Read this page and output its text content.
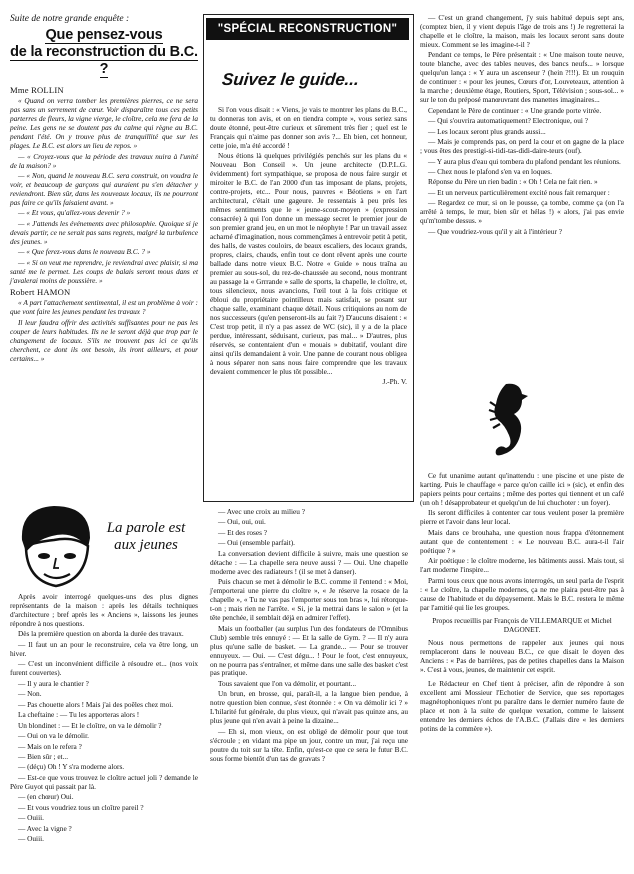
Suite de notre grande enquête :

Que pensez-vous
de la reconstruction du B.C. ?

Mme ROLLIN

« Quand on verra tomber les premières pierres, ce ne sera pas sans un serrement de cœur. Voir disparaître tous ces petits parterres de fleurs, la vigne vierge, le cloître, cela me fera de la peine. Les gens ne se doutent pas du calme qui règne au B.C. pendant l'été. On y trouve plus de tranquillité que sur les plages. Le B.C. est alors un lieu de repos. »

— « Croyez-vous que la période des travaux nuira à l'unité de la maison? »

— « Non, quand le nouveau B.C. sera construit, on voudra le voir, et beaucoup de garçons qui auraient pu s'en détacher y reviendront. Bien sûr, dans les nouveaux locaux, ils ne pourront pas faire ce qu'ils faisaient avant. »

— « Et vous, qu'allez-vous devenir ? »

— « J'attends les événements avec philosophie. Quoique si je devais partir, ce ne serait pas sans regrets, malgré la turbulence des jeunes. »

— « Que ferez-vous dans le nouveau B.C. ? »

— « Si on veut me reprendre, je reviendrai avec plaisir, si ma santé me le permet. Les coups de balais seront mous dans et j'avalerai moins de poussière. »

Robert HAMON

« A part l'attachement sentimental, il est un problème à voir : que vont faire les jeunes pendant les travaux ?

Il leur faudra offrir des activités suffisantes pour ne pas les couper de leurs habitudes. Ils ne le seront déjà que trop par le changement de locaux. S'ils ne trouvent pas ici ce qu'ils cherchent, ce dont ils ont besoin, ils iront ailleurs, et pour certains... »

La parole est aux jeunes

Après avoir interrogé quelques-uns des plus dignes représentants de la maison : après les détails techniques d'architecture ; bref après les « Anciens », laissons les jeunes répondre à nos questions.

Dès la première question on aborda la durée des travaux.

— Il faut un an pour le reconstruire, cela va être long, un hiver.

— C'est un inconvénient difficile à résoudre et... (nos voix furent couvertes).

— Il y aura le chantier ?

— Non.

— Pas chouette alors ! Mais j'ai des poêles chez moi.

La cheftaine : — Tu les apporteras alors !

Un blondinet : — Et le cloître, on va le démolir ?

— Oui on va le démolir.

— Mais on le refera ?

— Bien sûr ; et...

— (déçu) Oh ! Y s'ra moderne alors.

— Est-ce que vous trouvez le cloître actuel joli ? demande le Père Guyot qui passait par là.

— (en chœur) Oui.

— Et vous voudriez tous un cloître pareil ?

— Ouiii.

— Avec la vigne ?

— Ouiii.

"SPÉCIAL RECONSTRUCTION"
Suivez le guide...

Si l'on vous disait : « Viens, je vais te montrer les plans du B.C., tu donneras ton avis, et on en tiendra compte », vous seriez sans doute étonné, peut-être curieux et sûrement très fier ; quel est le Français qui n'aime pas donner son avis ?... Eh bien, cet honneur, cette joie, m'a été accordé !

Nous étions là quelques privilégiés penchés sur les plans du « Nouveau Bon Conseil ». Un jeune architecte (D.P.L.G. évidemment) fort sympathique, se proposa de nous faire surgir et miroiter le B.C. de l'an 2000 d'un tas imposant de plans, projets, contre-projets, etc... Pour nous, pauvres « Béotiens » en l'art architectural, c'était une gageure. Je ressentais à peu près les mêmes sentiments que le « jeune-scout-moyen » (expression consacrée) à qui l'on donne un message secret le premier jour de son premier grand jeu, en un mot le néophyte ! Par un travail assez acharné d'imagination, nous commençâmes à entrevoir petit à petit, des halls, de vastes couloirs, de beaux escaliers, des locaux grands, propres, clairs, chauds, enfin tout ce dont rêvent après une courte ballade dans notre vieux B.C. Notre « Guide » nous traîna au premier au sous-sol, du rez-de-chaussée au second, nous montrant au passage la « Grrrande » salle de sports, la chapelle, le cloître, et, tous silencieux, nous avancions, l'œil tout à la fois critique et ébloui du propriétaire pointilleux mais satisfait, se posant sur chaque salle, examinant chaque détail. Nous critiquions au nom de nos successeurs (qu'en penseront-ils au fait ?) D'aucuns disaient : « C'est trop petit, il n'y a pas assez de WC (sic), il y a de la place perdue, intéressant, séduisant, curieux, pas mal... » D'autres, plus réservés, se contentaient d'un « mouais » dubitatif, voulant dire ainsi qu'ils demandaient à voir. Une panne de courant nous obligea à nous séparer non sans nous faire comprendre que les travaux devaient commencer le plus tôt possible...

J.-Ph. V.

— Avec une croix au milieu ?

— Oui, oui, oui.

— Et des roses ?

— Oui (ensemble parfait).

La conversation devient difficile à suivre, mais une question se détache : — La chapelle sera neuve aussi ? — Oui. Une chapelle moderne avec des radiateurs ! (il se met à danser).

Puis chacun se met à démolir le B.C. comme il l'entend : « Moi, j'emporterai une pierre du cloître », « Je réserve la rosace de la chapelle », « Tu ne vas pas l'emporter sous ton bras », lui rétorque-t-on ; mais rien ne l'arrête. « Si, je la mettrai dans le salon » (et la tête penchée, il semblait déjà en admirer l'effet).

Mais un footballer (au surplus l'un des fondateurs de l'Omnibus Club) semble très ennuyé : — Et la salle de Gym. ? — Il n'y aura plus qu'une salle de basket. — La grande... — Pour se trouver ennuyeux. — Oui. — C'est dégu... ! Pour le foot, c'est ennuyeux, on ne pourra pas s'entraîner, et même dans une salle des basket c'est pas pratique.

Tous savaient que l'on va démolir, et pourtant...

Un brun, en brosse, qui, paraît-il, a la langue bien pendue, à notre question bien connue, s'est étonnée : « On va démolir ici ? » L'hilarité fut générale, du plus vieux, qui n'avait pas quinze ans, au plus jeune qui n'en avait à peine la dizaine...

— Eh si, mon vieux, on est obligé de démolir pour que tout s'écroule ; en vidant ma pipe un jour, contre un mur, j'ai reçu une poutre du toit sur la tête. Enfin, qu'est-ce que ce sera le futur B.C. sous forme bientôt d'un tas de gravats ?

— C'est un grand changement, j'y suis habitué depuis sept ans, (comptez bien, il y vient depuis l'âge de trois ans !) Je regretterai la chapelle et le cloître, la maison, mais les locaux seront sans doute mieux. Comment se les imagine-t-il ?

Pendant ce temps, le Père présentait : « Une maison toute neuve, toute blanche, avec des tables neuves, des bancs neufs... » lorsque quelqu'un lança : « Y aura un ascenseur ? (hein ?!!!). Et un rouquin de continuer : « pour les jeunes, Cœurs d'or, Louveteaux, attention à la marche ; deuxième étage, Routiers, Sport, Télévision ; sous-sol... » sur le ton du préposé manœuvrant des manettes imaginaires...

Cependant le Père de continuer : « Une grande porte vitrée.

— Qui s'ouvrira automatiquement? Electronique, oui ?

— Les locaux seront plus grands aussi...

— Mais je comprends pas, on perd la cour et on gagne de la place ; vous êtes des prestigi-si-tidi-tas-didi-daire-teurs (ouf).

— Y aura plus d'eau qui tombera du plafond pendant les réunions.

— Chez nous le plafond s'en va en loques.

Réponse du Père un rien badin : « Oh ! Cela ne fait rien. »

— Et un nerveux particulièrement excité nous fait remarquer :

— Regardez ce mur, si on le pousse, ça tombe, comme ça (on l'a arrêté à temps, le mur, bien sûr et hélas !) « alors, j'ai pas envie qu'm'tombe dessus. »

— Que voudriez-vous qu'il y ait à l'intérieur ?

Ce fut unanime autant qu'inattendu : une piscine et une piste de karting. Puis le chauffage « parce qu'on caille ici » (sic), et enfin des papiers peints pour certains ; même des portes qui tiennent et un café (un oh ! désapprobateur et quelqu'un de lui chuchoter : un foyer).

Ils seront difficiles à contenter car tous veulent poser la première pierre et l'avoir dans leur local.

Mais dans ce brouhaha, une question nous frappa d'étonnement autant que de contentement : « Le nouveau B.C. aura-t-il l'air poétique ? »

Air poétique : le cloître moderne, les bâtiments aussi. Mais tout, si l'art moderne l'inspire...

Parmi tous ceux que nous avons interrogés, un seul parla de l'esprit : « Le cloître, la chapelle modernes, ça ne me plaira peut-être pas à cause de l'habitude et du dépaysement. Mais le B.C. restera le même par l'amitié qui lie les groupes.

Propos recueillis par François de VILLEMARQUE et Michel DAGONET.

Nous nous permettons de rappeler aux jeunes qui nous remplaceront dans le nouveau B.C., ce que disait le doyen des Anciens : « Pas de barrières, pas de petites chapelles dans la Maison ». C'est à vous, jeunes, de maintenir cet esprit.

Le Rédacteur en Chef tient à préciser, afin de répondre à son excellent ami Mossieur l'Echotier de Service, que ses reportages magnétophoniques n'ont pu paraître dans le dernier numéro faute de place et non à la suite de quelque vexation, comme le laissent entendre les derniers échos de l'A.B.C. (J'allais dire « les derniers potins de la commère »).
